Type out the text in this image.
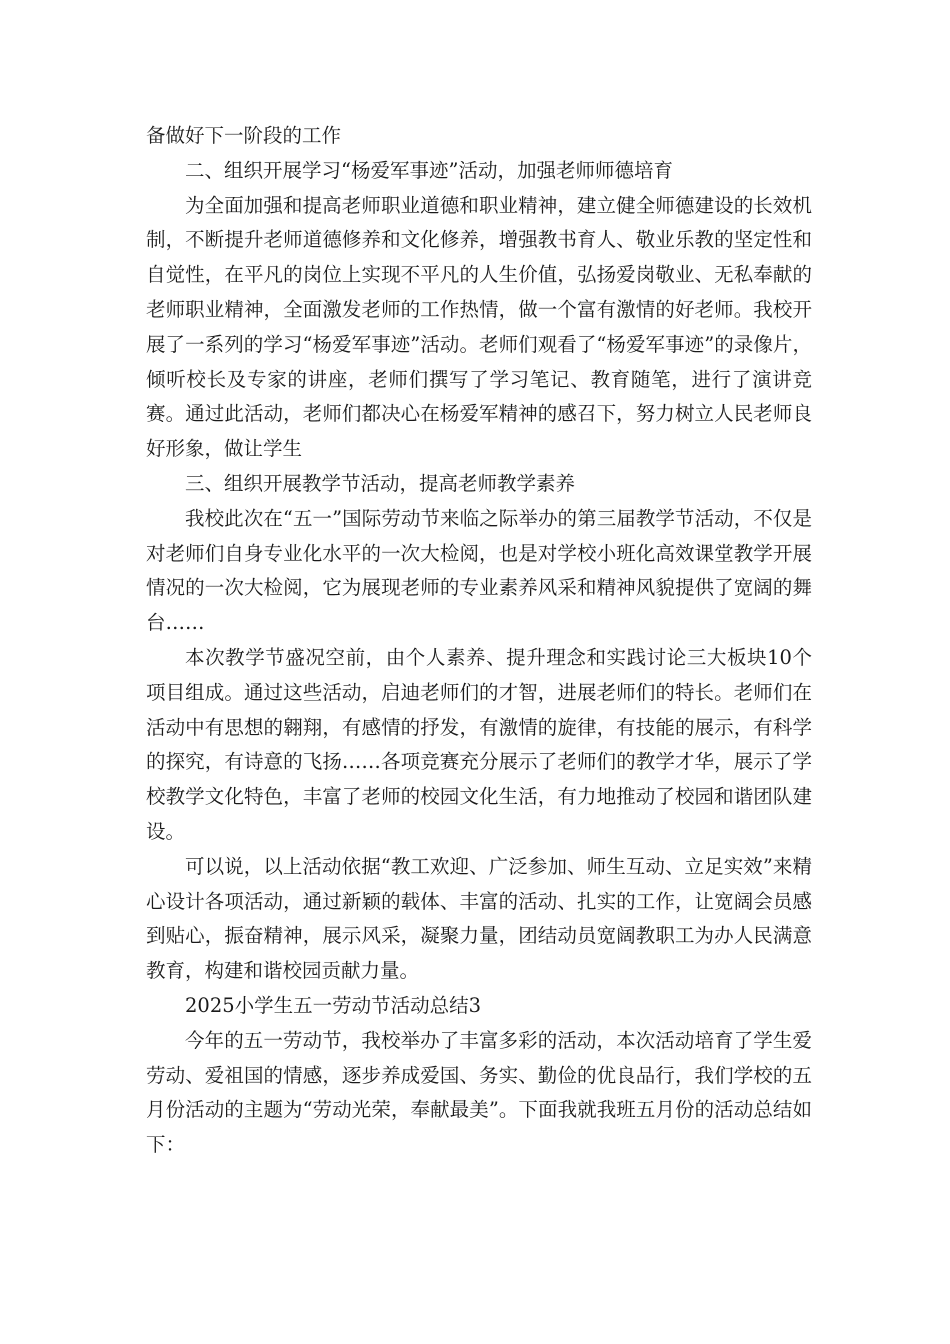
备做好下一阶段的工作

二、组织开展学习“杨爱军事迹”活动，加强老师师德培育

为全面加强和提高老师职业道德和职业精神，建立健全师德建设的长效机制，不断提升老师道德修养和文化修养，增强教书育人、敬业乐教的坚定性和自觉性，在平凡的岗位上实现不平凡的人生价值，弘扬爱岗敬业、无私奉献的老师职业精神，全面激发老师的工作热情，做一个富有激情的好老师。我校开展了一系列的学习“杨爱军事迹”活动。老师们观看了“杨爱军事迹”的录像片，倾听校长及专家的讲座，老师们撰写了学习笔记、教育随笔，进行了演讲竞赛。通过此活动，老师们都决心在杨爱军精神的感召下，努力树立人民老师良好形象，做让学生

三、组织开展教学节活动，提高老师教学素养

我校此次在“五一”国际劳动节来临之际举办的第三届教学节活动，不仅是对老师们自身专业化水平的一次大检阅，也是对学校小班化高效课堂教学开展情况的一次大检阅，它为展现老师的专业素养风采和精神风貌提供了宽阔的舞台……

本次教学节盛况空前，由个人素养、提升理念和实践讨论三大板块10个项目组成。通过这些活动，启迪老师们的才智，进展老师们的特长。老师们在活动中有思想的翱翔，有感情的抒发，有激情的旋律，有技能的展示，有科学的探究，有诗意的飞扬……各项竞赛充分展示了老师们的教学才华，展示了学校教学文化特色，丰富了老师的校园文化生活，有力地推动了校园和谐团队建设。

可以说，以上活动依据“教工欢迎、广泛参加、师生互动、立足实效”来精心设计各项活动，通过新颖的载体、丰富的活动、扎实的工作，让宽阔会员感到贴心，振奋精神，展示风采，凝聚力量，团结动员宽阔教职工为办人民满意教育，构建和谐校园贡献力量。

2025小学生五一劳动节活动总结3

今年的五一劳动节，我校举办了丰富多彩的活动，本次活动培育了学生爱劳动、爱祖国的情感，逐步养成爱国、务实、勤俭的优良品行，我们学校的五月份活动的主题为“劳动光荣，奉献最美”。下面我就我班五月份的活动总结如下：
